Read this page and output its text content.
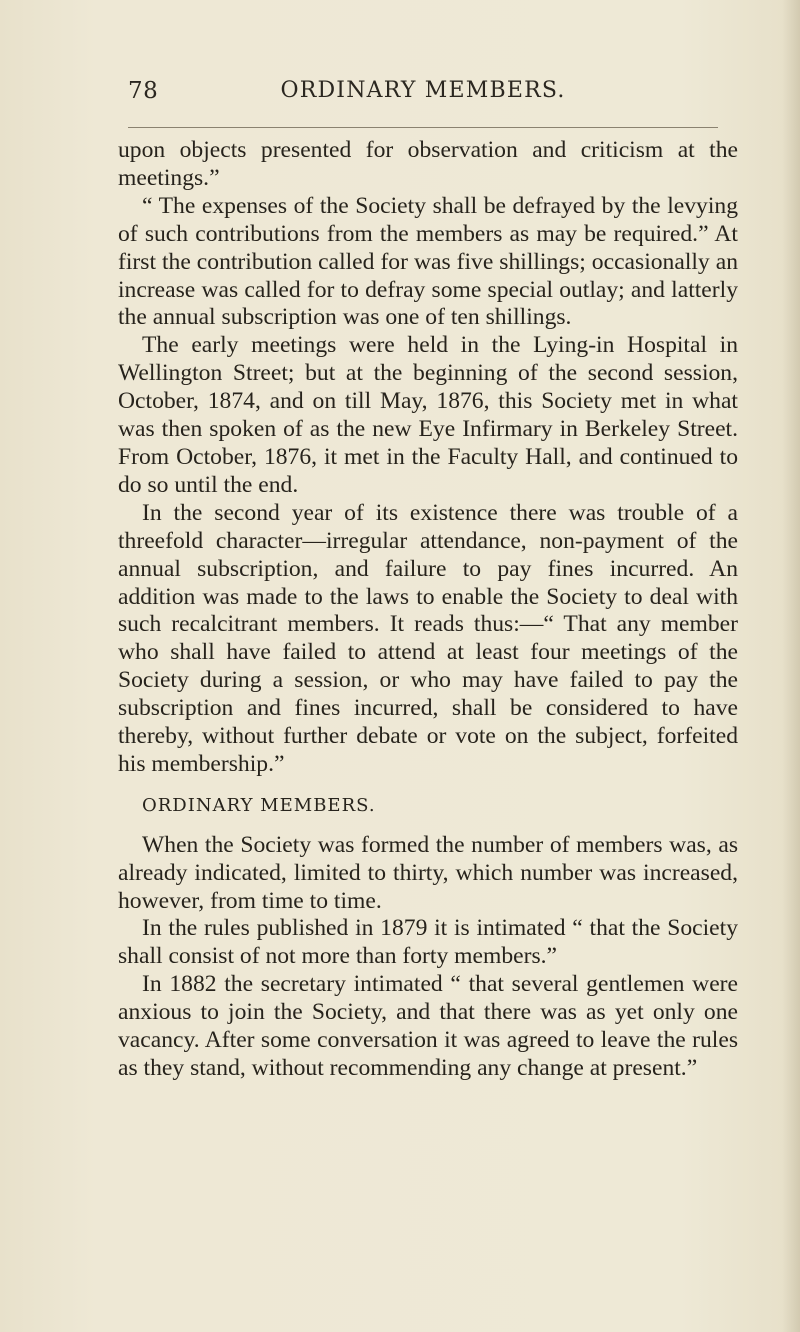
78	ORDINARY MEMBERS.

upon objects presented for observation and criticism at the meetings.”

“ The expenses of the Society shall be defrayed by the levying of such contributions from the members as may be required.” At first the contribution called for was five shillings; occasionally an increase was called for to defray some special outlay; and latterly the annual subscription was one of ten shillings.

The early meetings were held in the Lying-in Hospital in Wellington Street; but at the beginning of the second session, October, 1874, and on till May, 1876, this Society met in what was then spoken of as the new Eye Infirmary in Berkeley Street. From October, 1876, it met in the Faculty Hall, and continued to do so until the end.

In the second year of its existence there was trouble of a threefold character—irregular attendance, non-payment of the annual subscription, and failure to pay fines incurred. An addition was made to the laws to enable the Society to deal with such recalcitrant members. It reads thus:—“ That any member who shall have failed to attend at least four meetings of the Society during a session, or who may have failed to pay the subscription and fines incurred, shall be considered to have thereby, without further debate or vote on the subject, forfeited his membership.”

ORDINARY MEMBERS.

When the Society was formed the number of members was, as already indicated, limited to thirty, which number was increased, however, from time to time.

In the rules published in 1879 it is intimated “ that the Society shall consist of not more than forty members.”

In 1882 the secretary intimated “ that several gentlemen were anxious to join the Society, and that there was as yet only one vacancy. After some conversation it was agreed to leave the rules as they stand, without recommending any change at present.”
